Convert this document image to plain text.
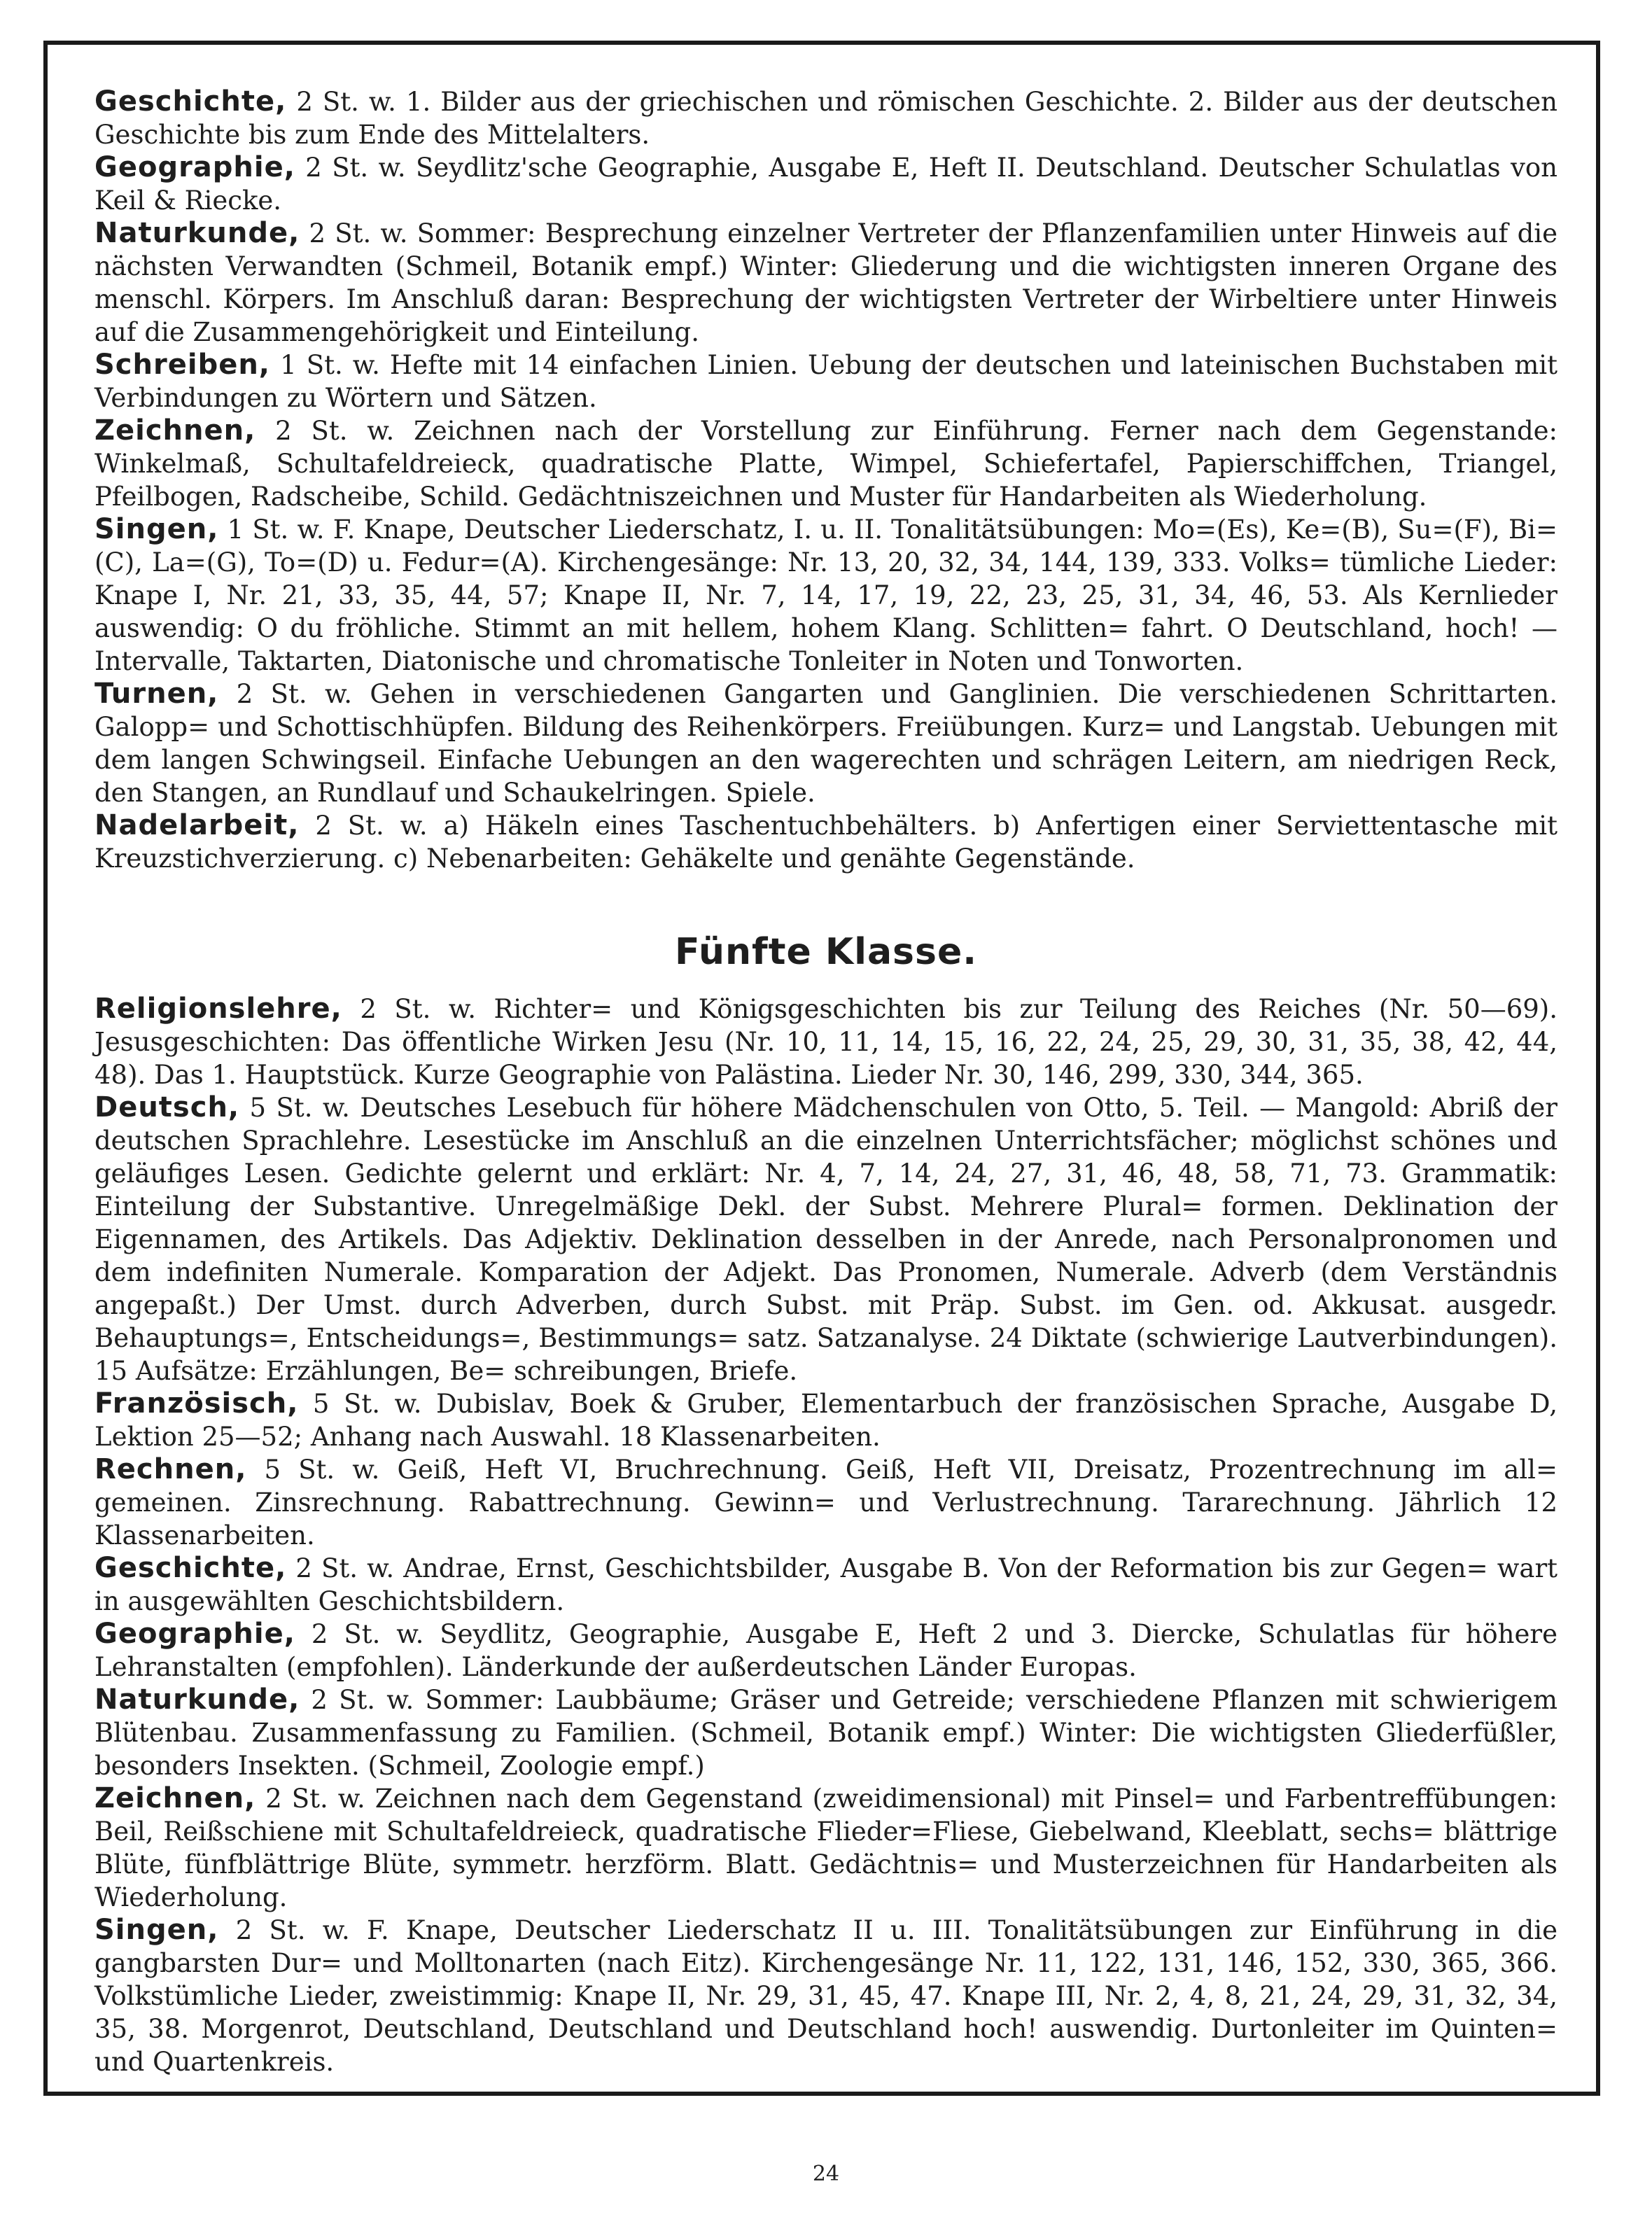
Geschichte, 2 St. w. 1. Bilder aus der griechischen und römischen Geschichte. 2. Bilder aus der deutschen Geschichte bis zum Ende des Mittelalters.

Geographie, 2 St. w. Seydlitz'sche Geographie, Ausgabe E, Heft II. Deutschland. Deutscher Schulatlas von Keil & Riecke.

Naturkunde, 2 St. w. Sommer: Besprechung einzelner Vertreter der Pflanzenfamilien unter Hinweis auf die nächsten Verwandten (Schmeil, Botanik empf.) Winter: Gliederung und die wichtigsten inneren Organe des menschl. Körpers. Im Anschluß daran: Besprechung der wichtigsten Vertreter der Wirbeltiere unter Hinweis auf die Zusammengehörigkeit und Einteilung.

Schreiben, 1 St. w. Hefte mit 14 einfachen Linien. Uebung der deutschen und lateinischen Buchstaben mit Verbindungen zu Wörtern und Sätzen.

Zeichnen, 2 St. w. Zeichnen nach der Vorstellung zur Einführung. Ferner nach dem Gegenstande: Winkelmaß, Schultafeldreieck, quadratische Platte, Wimpel, Schiefertafel, Papierschiffchen, Triangel, Pfeilbogen, Radscheibe, Schild. Gedächtniszeichnen und Muster für Handarbeiten als Wiederholung.

Singen, 1 St. w. F. Knape, Deutscher Liederschatz, I. u. II. Tonalitätsübungen: Mo=(Es), Ke=(B), Su=(F), Bi=(C), La=(G), To=(D) u. Fedur=(A). Kirchengesänge: Nr. 13, 20, 32, 34, 144, 139, 333. Volks= tümliche Lieder: Knape I, Nr. 21, 33, 35, 44, 57; Knape II, Nr. 7, 14, 17, 19, 22, 23, 25, 31, 34, 46, 53. Als Kernlieder auswendig: O du fröhliche. Stimmt an mit hellem, hohem Klang. Schlitten= fahrt. O Deutschland, hoch! — Intervalle, Taktarten, Diatonische und chromatische Tonleiter in Noten und Tonworten.

Turnen, 2 St. w. Gehen in verschiedenen Gangarten und Ganglinien. Die verschiedenen Schrittarten. Galopp= und Schottischhüpfen. Bildung des Reihenkörpers. Freiübungen. Kurz= und Langstab. Uebungen mit dem langen Schwingseil. Einfache Uebungen an den wagerechten und schrägen Leitern, am niedrigen Reck, den Stangen, an Rundlauf und Schaukelringen. Spiele.

Nadelarbeit, 2 St. w. a) Häkeln eines Taschentuchbehälters. b) Anfertigen einer Serviettentasche mit Kreuzstichverzierung. c) Nebenarbeiten: Gehäkelte und genähte Gegenstände.

Fünfte Klasse.

Religionslehre, 2 St. w. Richter= und Königsgeschichten bis zur Teilung des Reiches (Nr. 50—69). Jesusgeschichten: Das öffentliche Wirken Jesu (Nr. 10, 11, 14, 15, 16, 22, 24, 25, 29, 30, 31, 35, 38, 42, 44, 48). Das 1. Hauptstück. Kurze Geographie von Palästina. Lieder Nr. 30, 146, 299, 330, 344, 365.

Deutsch, 5 St. w. Deutsches Lesebuch für höhere Mädchenschulen von Otto, 5. Teil. — Mangold: Abriß der deutschen Sprachlehre. Lesestücke im Anschluß an die einzelnen Unterrichtsfächer; möglichst schönes und geläufiges Lesen. Gedichte gelernt und erklärt: Nr. 4, 7, 14, 24, 27, 31, 46, 48, 58, 71, 73. Grammatik: Einteilung der Substantive. Unregelmäßige Dekl. der Subst. Mehrere Plural= formen. Deklination der Eigennamen, des Artikels. Das Adjektiv. Deklination desselben in der Anrede, nach Personalpronomen und dem indefiniten Numerale. Komparation der Adjekt. Das Pronomen, Numerale. Adverb (dem Verständnis angepaßt.) Der Umst. durch Adverben, durch Subst. mit Präp. Subst. im Gen. od. Akkusat. ausgedr. Behauptungs=, Entscheidungs=, Bestimmungs= satz. Satzanalyse. 24 Diktate (schwierige Lautverbindungen). 15 Aufsätze: Erzählungen, Be= schreibungen, Briefe.

Französisch, 5 St. w. Dubislav, Boek & Gruber, Elementarbuch der französischen Sprache, Ausgabe D, Lektion 25—52; Anhang nach Auswahl. 18 Klassenarbeiten.

Rechnen, 5 St. w. Geiß, Heft VI, Bruchrechnung. Geiß, Heft VII, Dreisatz, Prozentrechnung im all= gemeinen. Zinsrechnung. Rabattrechnung. Gewinn= und Verlustrechnung. Tararechnung. Jährlich 12 Klassenarbeiten.

Geschichte, 2 St. w. Andrae, Ernst, Geschichtsbilder, Ausgabe B. Von der Reformation bis zur Gegen= wart in ausgewählten Geschichtsbildern.

Geographie, 2 St. w. Seydlitz, Geographie, Ausgabe E, Heft 2 und 3. Diercke, Schulatlas für höhere Lehranstalten (empfohlen). Länderkunde der außerdeutschen Länder Europas.

Naturkunde, 2 St. w. Sommer: Laubbäume; Gräser und Getreide; verschiedene Pflanzen mit schwierigem Blütenbau. Zusammenfassung zu Familien. (Schmeil, Botanik empf.) Winter: Die wichtigsten Gliederfüßler, besonders Insekten. (Schmeil, Zoologie empf.)

Zeichnen, 2 St. w. Zeichnen nach dem Gegenstand (zweidimensional) mit Pinsel= und Farbentreffübungen: Beil, Reißschiene mit Schultafeldreieck, quadratische Flieder=Fliese, Giebelwand, Kleeblatt, sechs= blättrige Blüte, fünfblättrige Blüte, symmetr. herzförm. Blatt. Gedächtnis= und Musterzeichnen für Handarbeiten als Wiederholung.

Singen, 2 St. w. F. Knape, Deutscher Liederschatz II u. III. Tonalitätsübungen zur Einführung in die gangbarsten Dur= und Molltonarten (nach Eitz). Kirchengesänge Nr. 11, 122, 131, 146, 152, 330, 365, 366. Volkstümliche Lieder, zweistimmig: Knape II, Nr. 29, 31, 45, 47. Knape III, Nr. 2, 4, 8, 21, 24, 29, 31, 32, 34, 35, 38. Morgenrot, Deutschland, Deutschland und Deutschland hoch! auswendig. Durtonleiter im Quinten= und Quartenkreis.

24
